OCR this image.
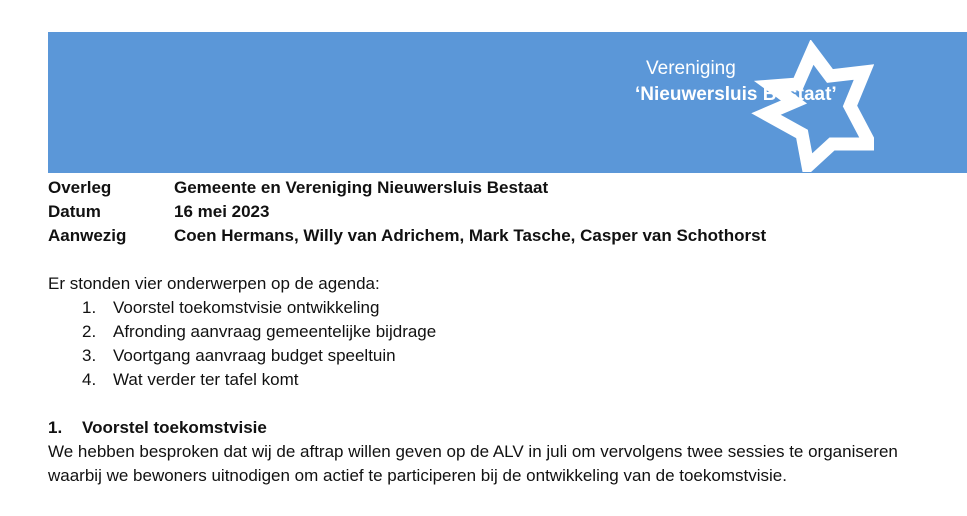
Vereniging
‘Nieuwersluis Bestaat’
Overleg	Gemeente en Vereniging Nieuwersluis Bestaat
Datum	16 mei 2023
Aanwezig	Coen Hermans, Willy van Adrichem, Mark Tasche, Casper van Schothorst
Er stonden vier onderwerpen op de agenda:
1. Voorstel toekomstvisie ontwikkeling
2. Afronding aanvraag gemeentelijke bijdrage
3. Voortgang aanvraag budget speeltuin
4. Wat verder ter tafel komt
1. Voorstel toekomstvisie
We hebben besproken dat wij de aftrap willen geven op de ALV in juli om vervolgens twee sessies te organiseren waarbij we bewoners uitnodigen om actief te participeren bij de ontwikkeling van de toekomstvisie.
